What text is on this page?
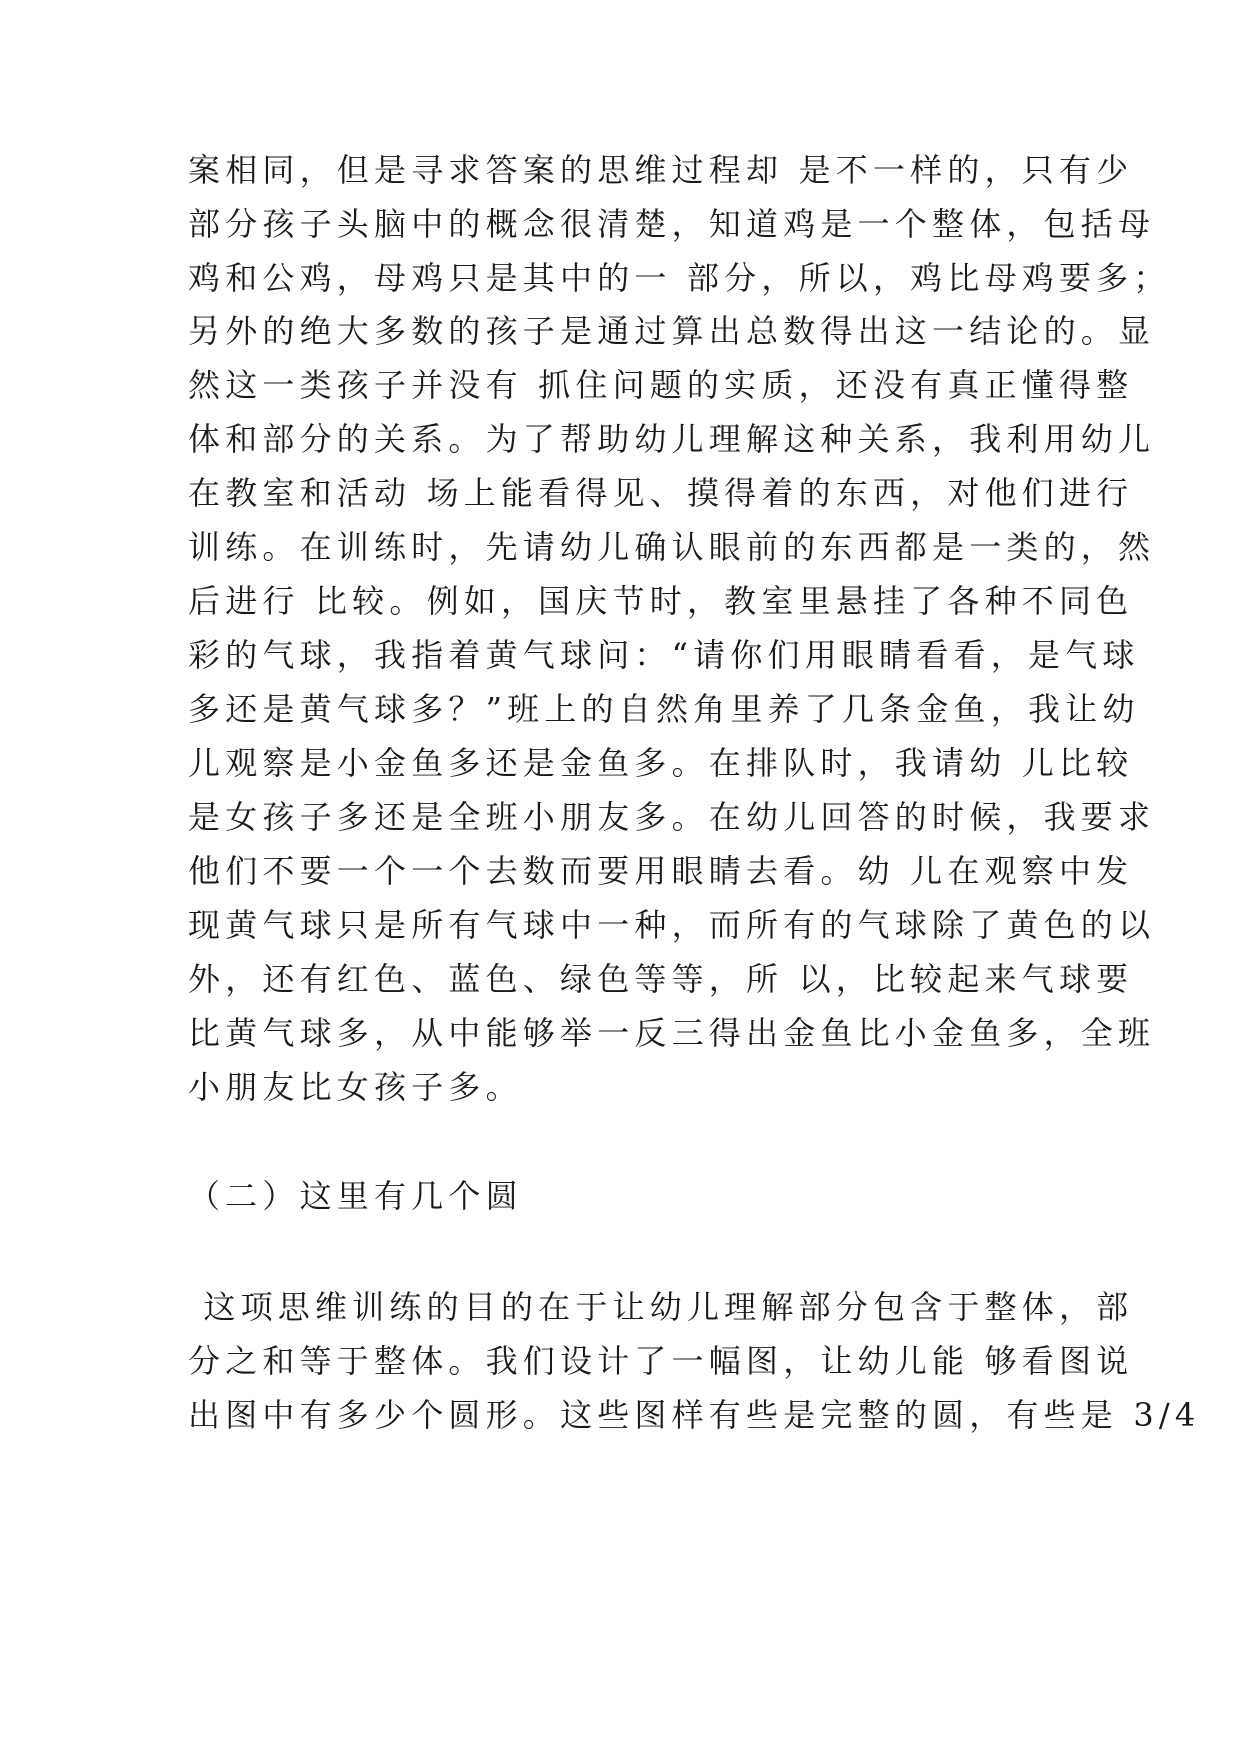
案相同，但是寻求答案的思维过程却 是不一样的，只有少
部分孩子头脑中的概念很清楚，知道鸡是一个整体，包括母
鸡和公鸡，母鸡只是其中的一 部分，所以，鸡比母鸡要多；
另外的绝大多数的孩子是通过算出总数得出这一结论的。显
然这一类孩子并没有 抓住问题的实质，还没有真正懂得整
体和部分的关系。为了帮助幼儿理解这种关系，我利用幼儿
在教室和活动 场上能看得见、摸得着的东西，对他们进行
训练。在训练时，先请幼儿确认眼前的东西都是一类的，然
后进行 比较。例如，国庆节时，教室里悬挂了各种不同色
彩的气球，我指着黄气球问：“请你们用眼睛看看，是气球
多还是黄气球多？”班上的自然角里养了几条金鱼，我让幼
儿观察是小金鱼多还是金鱼多。在排队时，我请幼 儿比较
是女孩子多还是全班小朋友多。在幼儿回答的时候，我要求
他们不要一个一个去数而要用眼睛去看。幼 儿在观察中发
现黄气球只是所有气球中一种，而所有的气球除了黄色的以
外，还有红色、蓝色、绿色等等，所 以，比较起来气球要
比黄气球多，从中能够举一反三得出金鱼比小金鱼多，全班
小朋友比女孩子多。
（二）这里有几个圆
这项思维训练的目的在于让幼儿理解部分包含于整体，部
分之和等于整体。我们设计了一幅图，让幼儿能 够看图说
出图中有多少个圆形。这些图样有些是完整的圆，有些是 3/4
